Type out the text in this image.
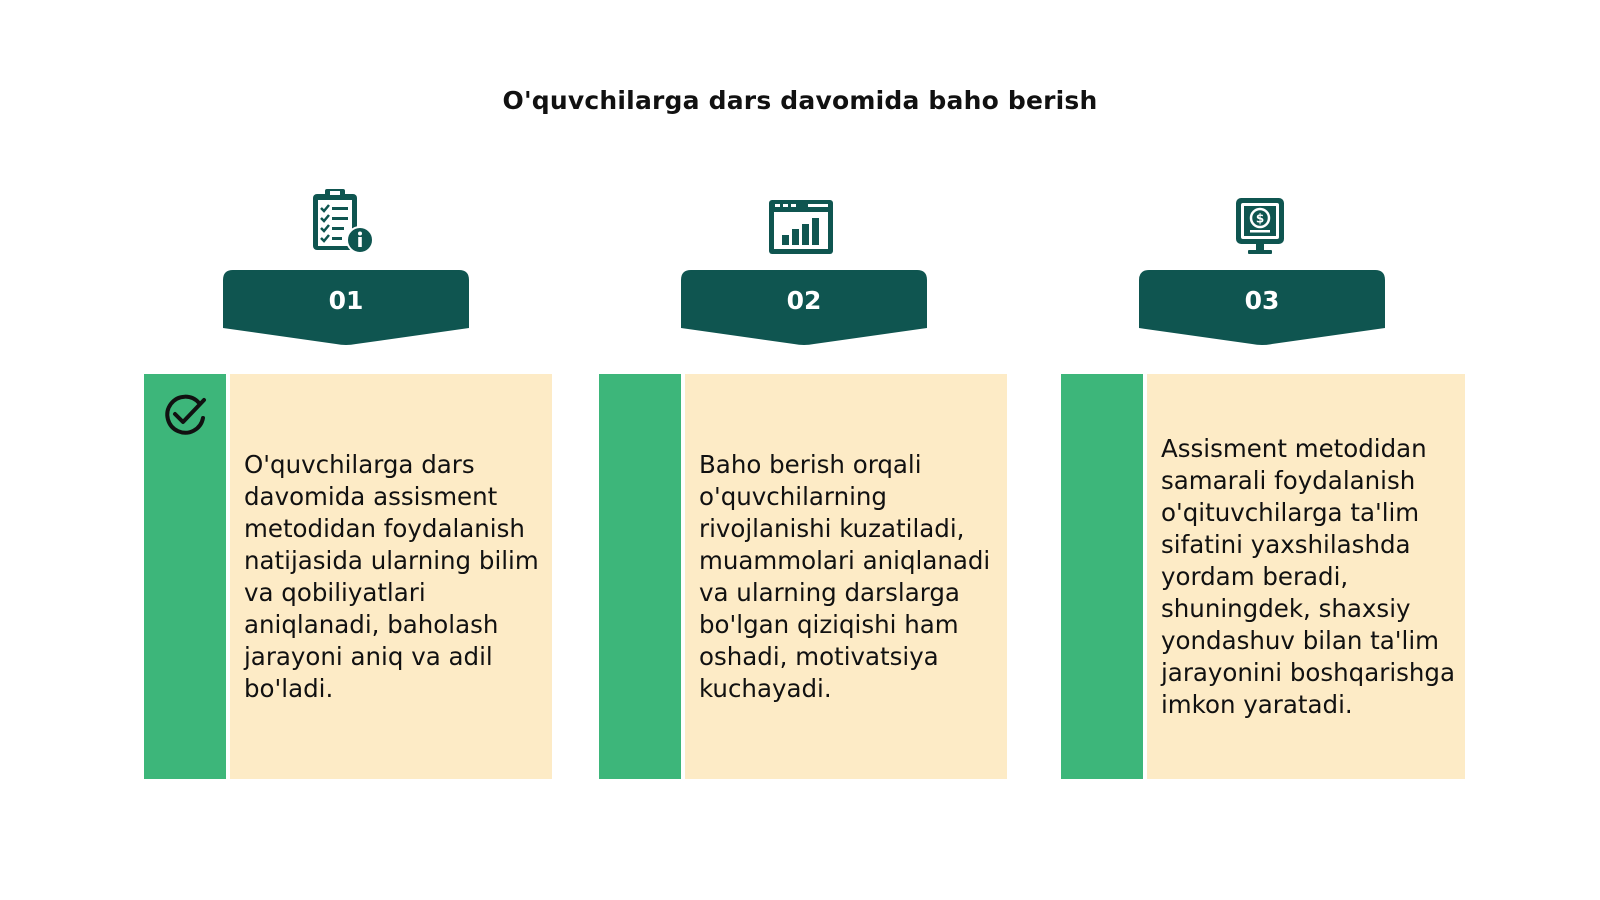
O'quvchilarga dars davomida baho berish
01
O'quvchilarga dars davomida assisment metodidan foydalanish natijasida ularning bilim va qobiliyatlari aniqlanadi, baholash jarayoni aniq va adil bo'ladi.
02
Baho berish orqali o'quvchilarning rivojlanishi kuzatiladi, muammolari aniqlanadi va ularning darslarga bo'lgan qiziqishi ham oshadi, motivatsiya kuchayadi.
$
03
Assisment metodidan samarali foydalanish o'qituvchilarga ta'lim sifatini yaxshilashda yordam beradi, shuningdek, shaxsiy yondashuv bilan ta'lim jarayonini boshqarishga imkon yaratadi.
